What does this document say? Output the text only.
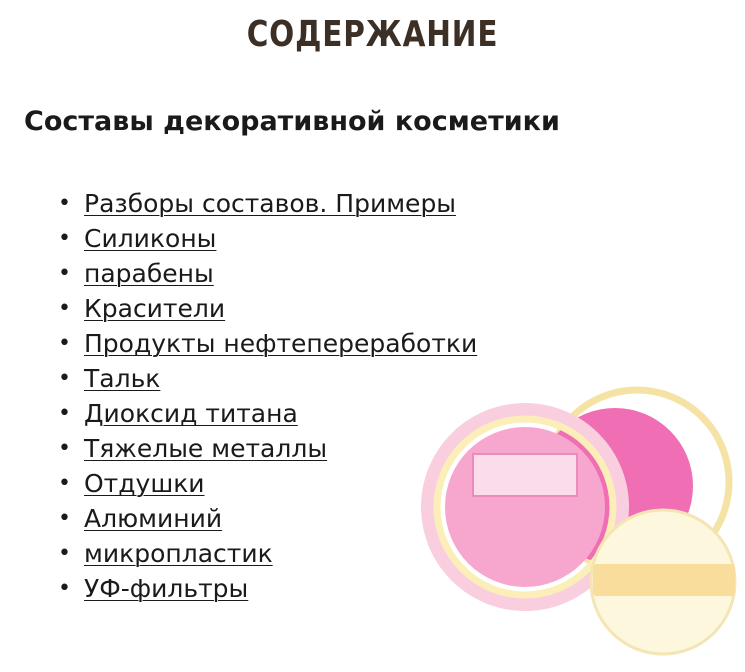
СОДЕРЖАНИЕ
Составы декоративной косметики
• Разборы составов. Примеры
• Силиконы
• парабены
• Красители
• Продукты нефтепереработки
• Тальк
• Диоксид титана
• Тяжелые металлы
• Отдушки
• Алюминий
• микропластик
• УФ-фильтры
